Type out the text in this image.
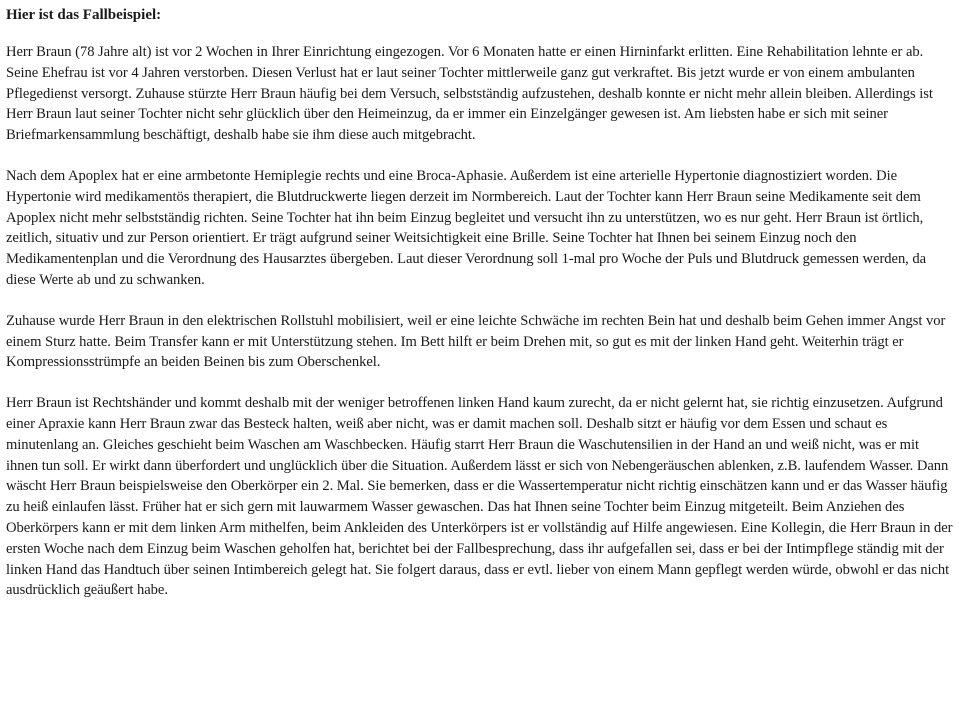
Hier ist das Fallbeispiel:

Herr Braun (78 Jahre alt) ist vor 2 Wochen in Ihrer Einrichtung eingezogen. Vor 6 Monaten hatte er einen Hirninfarkt erlitten. Eine Rehabilitation lehnte er ab. Seine Ehefrau ist vor 4 Jahren verstorben. Diesen Verlust hat er laut seiner Tochter mittlerweile ganz gut verkraftet. Bis jetzt wurde er von einem ambulanten Pflegedienst versorgt. Zuhause stürzte Herr Braun häufig bei dem Versuch, selbstständig aufzustehen, deshalb konnte er nicht mehr allein bleiben. Allerdings ist Herr Braun laut seiner Tochter nicht sehr glücklich über den Heimeinzug, da er immer ein Einzelgänger gewesen ist. Am liebsten habe er sich mit seiner Briefmarkensammlung beschäftigt, deshalb habe sie ihm diese auch mitgebracht.

Nach dem Apoplex hat er eine armbetonte Hemiplegie rechts und eine Broca-Aphasie. Außerdem ist eine arterielle Hypertonie diagnostiziert worden. Die Hypertonie wird medikamentös therapiert, die Blutdruckwerte liegen derzeit im Normbereich. Laut der Tochter kann Herr Braun seine Medikamente seit dem Apoplex nicht mehr selbstständig richten. Seine Tochter hat ihn beim Einzug begleitet und versucht ihn zu unterstützen, wo es nur geht. Herr Braun ist örtlich, zeitlich, situativ und zur Person orientiert. Er trägt aufgrund seiner Weitsichtigkeit eine Brille. Seine Tochter hat Ihnen bei seinem Einzug noch den Medikamentenplan und die Verordnung des Hausarztes übergeben. Laut dieser Verordnung soll 1-mal pro Woche der Puls und Blutdruck gemessen werden, da diese Werte ab und zu schwanken.

Zuhause wurde Herr Braun in den elektrischen Rollstuhl mobilisiert, weil er eine leichte Schwäche im rechten Bein hat und deshalb beim Gehen immer Angst vor einem Sturz hatte. Beim Transfer kann er mit Unterstützung stehen. Im Bett hilft er beim Drehen mit, so gut es mit der linken Hand geht. Weiterhin trägt er Kompressionsstrümpfe an beiden Beinen bis zum Oberschenkel.

Herr Braun ist Rechtshänder und kommt deshalb mit der weniger betroffenen linken Hand kaum zurecht, da er nicht gelernt hat, sie richtig einzusetzen. Aufgrund einer Apraxie kann Herr Braun zwar das Besteck halten, weiß aber nicht, was er damit machen soll. Deshalb sitzt er häufig vor dem Essen und schaut es minutenlang an. Gleiches geschieht beim Waschen am Waschbecken. Häufig starrt Herr Braun die Waschutensilien in der Hand an und weiß nicht, was er mit ihnen tun soll. Er wirkt dann überfordert und unglücklich über die Situation. Außerdem lässt er sich von Nebengeräuschen ablenken, z.B. laufendem Wasser. Dann wäscht Herr Braun beispielsweise den Oberkörper ein 2. Mal. Sie bemerken, dass er die Wassertemperatur nicht richtig einschätzen kann und er das Wasser häufig zu heiß einlaufen lässt. Früher hat er sich gern mit lauwarmem Wasser gewaschen. Das hat Ihnen seine Tochter beim Einzug mitgeteilt. Beim Anziehen des Oberkörpers kann er mit dem linken Arm mithelfen, beim Ankleiden des Unterkörpers ist er vollständig auf Hilfe angewiesen. Eine Kollegin, die Herr Braun in der ersten Woche nach dem Einzug beim Waschen geholfen hat, berichtet bei der Fallbesprechung, dass ihr aufgefallen sei, dass er bei der Intimpflege ständig mit der linken Hand das Handtuch über seinen Intimbereich gelegt hat. Sie folgert daraus, dass er evtl. lieber von einem Mann gepflegt werden würde, obwohl er das nicht ausdrücklich geäußert habe.
